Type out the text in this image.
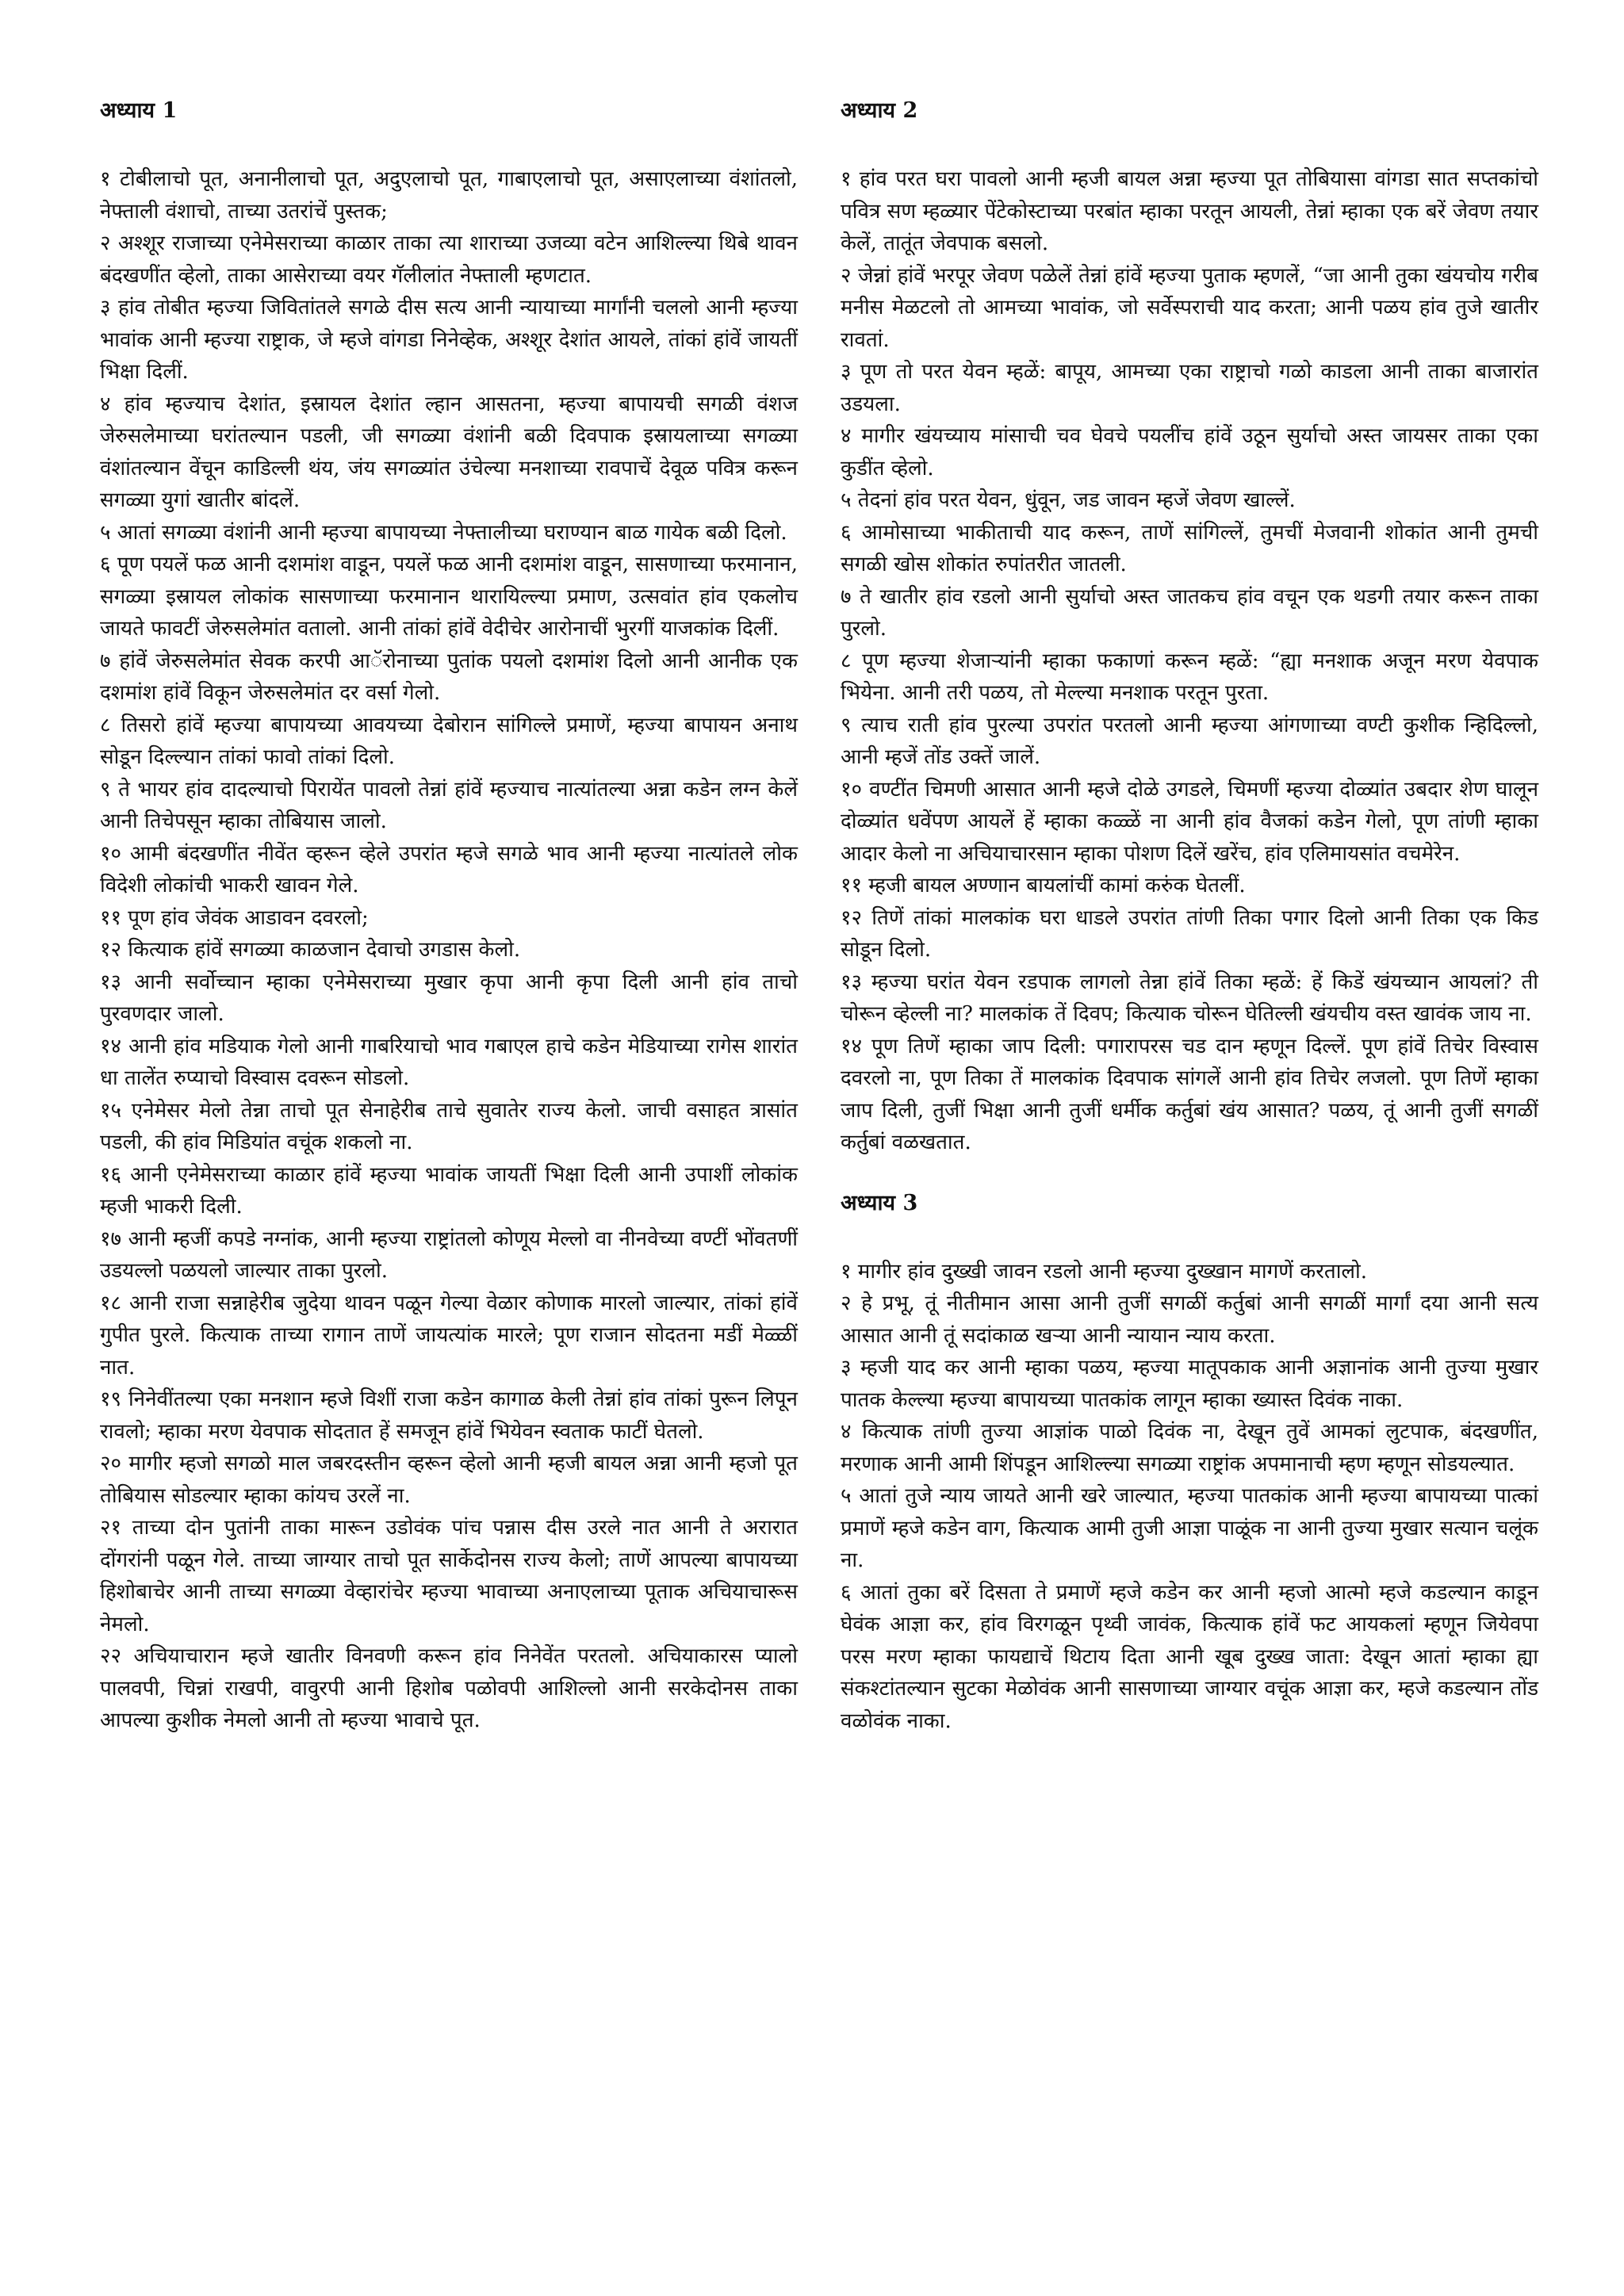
अध्याय 1

१ टोबीलाचो पूत, अनानीलाचो पूत, अदुएलाचो पूत, गाबाएलाचो पूत, असाएलाच्या वंशांतलो, नेफ्ताली वंशाचो, ताच्या उतरांचें पुस्तक;

२ अश्शूर राजाच्या एनेमेसराच्या काळार ताका त्या शाराच्या उजव्या वटेन आशिल्ल्या थिबे थावन बंदखणींत व्हेलो, ताका आसेराच्या वयर गॅलीलांत नेफ्ताली म्हणटात.

३ हांव तोबीत म्हज्या जिवितांतले सगळे दीस सत्य आनी न्यायाच्या मार्गांनी चललो आनी म्हज्या भावांक आनी म्हज्या राष्ट्राक, जे म्हजे वांगडा निनेव्हेक, अश्शूर देशांत आयले, तांकां हांवें जायतीं भिक्षा दिलीं.

४ हांव म्हज्याच देशांत, इस्रायल देशांत ल्हान आसतना, म्हज्या बापायची सगळी वंशज जेरुसलेमाच्या घरांतल्यान पडली, जी सगळ्या वंशांनी बळी दिवपाक इस्रायलाच्या सगळ्या वंशांतल्यान वेंचून काडिल्ली थंय, जंय सगळ्यांत उंचेल्या मनशाच्या रावपाचें देवूळ पवित्र करून सगळ्या युगां खातीर बांदलें.

५ आतां सगळ्या वंशांनी आनी म्हज्या बापायच्या नेफ्तालीच्या घराण्यान बाळ गायेक बळी दिलो.

६ पूण पयलें फळ आनी दशमांश वाडून, पयलें फळ आनी दशमांश वाडून, सासणाच्या फरमानान, सगळ्या इस्रायल लोकांक सासणाच्या फरमानान थारायिल्ल्या प्रमाण, उत्सवांत हांव एकलोच जायते फावटीं जेरुसलेमांत वतालो. आनी तांकां हांवें वेदीचेर आरोनाचीं भुरगीं याजकांक दिलीं.

७ हांवें जेरुसलेमांत सेवक करपी आॅरोनाच्या पुतांक पयलो दशमांश दिलो आनी आनीक एक दशमांश हांवें विकून जेरुसलेमांत दर वर्सा गेलो.

८ तिसरो हांवें म्हज्या बापायच्या आवयच्या देबोरान सांगिल्ले प्रमाणें, म्हज्या बापायन अनाथ सोडून दिल्ल्यान तांकां फावो तांकां दिलो.

९ ते भायर हांव दादल्याचो पिरायेंत पावलो तेन्नां हांवें म्हज्याच नात्यांतल्या अन्ना कडेन लग्न केलें आनी तिचेपसून म्हाका तोबियास जालो.

१० आमी बंदखणींत नीवेंत व्हरून व्हेले उपरांत म्हजे सगळे भाव आनी म्हज्या नात्यांतले लोक विदेशी लोकांची भाकरी खावन गेले.

११ पूण हांव जेवंक आडावन दवरलो;

१२ कित्याक हांवें सगळ्या काळजान देवाचो उगडास केलो.

१३ आनी सर्वोच्चान म्हाका एनेमेसराच्या मुखार कृपा आनी कृपा दिली आनी हांव ताचो पुरवणदार जालो.

१४ आनी हांव मडियाक गेलो आनी गाबरियाचो भाव गबाएल हाचे कडेन मेडियाच्या रागेस शारांत धा तालेंत रुप्याचो विस्वास दवरून सोडलो.

१५ एनेमेसर मेलो तेन्ना ताचो पूत सेनाहेरीब ताचे सुवातेर राज्य केलो. जाची वसाहत त्रासांत पडली, की हांव मिडियांत वचूंक शकलो ना.

१६ आनी एनेमेसराच्या काळार हांवें म्हज्या भावांक जायतीं भिक्षा दिली आनी उपाशीं लोकांक म्हजी भाकरी दिली.

१७ आनी म्हजीं कपडे नग्नांक, आनी म्हज्या राष्ट्रांतलो कोणूय मेल्लो वा नीनवेच्या वण्टीं भोंवतणीं उडयल्लो पळयलो जाल्यार ताका पुरलो.

१८ आनी राजा सन्नाहेरीब जुदेया थावन पळून गेल्या वेळार कोणाक मारलो जाल्यार, तांकां हांवें गुपीत पुरले. कित्याक ताच्या रागान ताणें जायत्यांक मारले; पूण राजान सोदतना मडीं मेळ्ळीं नात.

१९ निनेवींतल्या एका मनशान म्हजे विशीं राजा कडेन कागाळ केली तेन्नां हांव तांकां पुरून लिपून रावलो; म्हाका मरण येवपाक सोदतात हें समजून हांवें भियेवन स्वताक फाटीं घेतलो.

२० मागीर म्हजो सगळो माल जबरदस्तीन व्हरून व्हेलो आनी म्हजी बायल अन्ना आनी म्हजो पूत तोबियास सोडल्यार म्हाका कांयच उरलें ना.

२१ ताच्या दोन पुतांनी ताका मारून उडोवंक पांच पन्नास दीस उरले नात आनी ते अरारात दोंगरांनी पळून गेले. ताच्या जाग्यार ताचो पूत सार्केदोनस राज्य केलो; ताणें आपल्या बापायच्या हिशोबाचेर आनी ताच्या सगळ्या वेव्हारांचेर म्हज्या भावाच्या अनाएलाच्या पूताक अचियाचारूस नेमलो.

२२ अचियाचारान म्हजे खातीर विनवणी करून हांव निनेवेंत परतलो. अचियाकारस प्यालो पालवपी, चिन्नां राखपी, वावुरपी आनी हिशोब पळोवपी आशिल्लो आनी सरकेदोनस ताका आपल्या कुशीक नेमलो आनी तो म्हज्या भावाचे पूत.

अध्याय 2

१ हांव परत घरा पावलो आनी म्हजी बायल अन्ना म्हज्या पूत तोबियासा वांगडा सात सप्तकांचो पवित्र सण म्हळ्यार पेंटेकोस्टाच्या परबांत म्हाका परतून आयली, तेन्नां म्हाका एक बरें जेवण तयार केलें, तातूंत जेवपाक बसलो.

२ जेन्नां हांवें भरपूर जेवण पळेलें तेन्नां हांवें म्हज्या पुताक म्हणलें, “जा आनी तुका खंयचोय गरीब मनीस मेळटलो तो आमच्या भावांक, जो सर्वेस्पराची याद करता; आनी पळय हांव तुजे खातीर रावतां.

३ पूण तो परत येवन म्हळें: बापूय, आमच्या एका राष्ट्राचो गळो काडला आनी ताका बाजारांत उडयला.

४ मागीर खंयच्याय मांसाची चव घेवचे पयलींच हांवें उठून सुर्याचो अस्त जायसर ताका एका कुडींत व्हेलो.

५ तेदनां हांव परत येवन, धुंवून, जड जावन म्हजें जेवण खाल्लें.

६ आमोसाच्या भाकीताची याद करून, ताणें सांगिल्लें, तुमचीं मेजवानी शोकांत आनी तुमची सगळी खोस शोकांत रुपांतरीत जातली.

७ ते खातीर हांव रडलो आनी सुर्याचो अस्त जातकच हांव वचून एक थडगी तयार करून ताका पुरलो.

८ पूण म्हज्या शेजाऱ्यांनी म्हाका फकाणां करून म्हळें: “ह्या मनशाक अजून मरण येवपाक भियेना. आनी तरी पळय, तो मेल्ल्या मनशाक परतून पुरता.

९ त्याच राती हांव पुरल्या उपरांत परतलो आनी म्हज्या आंगणाच्या वण्टी कुशीक न्हिदिल्लो, आनी म्हजें तोंड उक्तें जालें.

१० वण्टींत चिमणी आसात आनी म्हजे दोळे उगडले, चिमणीं म्हज्या दोळ्यांत उबदार शेण घालून दोळ्यांत धवेंपण आयलें हें म्हाका कळ्ळें ना आनी हांव वैजकां कडेन गेलो, पूण तांणी म्हाका आदार केलो ना अचियाचारसान म्हाका पोशण दिलें खरेंच, हांव एलिमायसांत वचमेरेन.

११ म्हजी बायल अण्णान बायलांचीं कामां करुंक घेतलीं.

१२ तिणें तांकां मालकांक घरा धाडले उपरांत तांणी तिका पगार दिलो आनी तिका एक किड सोडून दिलो.

१३ म्हज्या घरांत येवन रडपाक लागलो तेन्ना हांवें तिका म्हळें: हें किडें खंयच्यान आयलां? ती चोरून व्हेल्ली ना? मालकांक तें दिवप; कित्याक चोरून घेतिल्ली खंयचीय वस्त खावंक जाय ना.

१४ पूण तिणें म्हाका जाप दिली: पगारापरस चड दान म्हणून दिल्लें. पूण हांवें तिचेर विस्वास दवरलो ना, पूण तिका तें मालकांक दिवपाक सांगलें आनी हांव तिचेर लजलो. पूण तिणें म्हाका जाप दिली, तुजीं भिक्षा आनी तुजीं धर्मीक कर्तुबां खंय आसात? पळय, तूं आनी तुजीं सगळीं कर्तुबां वळखतात.

अध्याय 3

१ मागीर हांव दुख्खी जावन रडलो आनी म्हज्या दुख्खान मागणें करतालो.

२ हे प्रभू, तूं नीतीमान आसा आनी तुजीं सगळीं कर्तुबां आनी सगळीं मार्गां दया आनी सत्य आसात आनी तूं सदांकाळ खऱ्या आनी न्यायान न्याय करता.

३ म्हजी याद कर आनी म्हाका पळय, म्हज्या मातूपकाक आनी अज्ञानांक आनी तुज्या मुखार पातक केल्ल्या म्हज्या बापायच्या पातकांक लागून म्हाका ख्यास्त दिवंक नाका.

४ कित्याक तांणी तुज्या आज्ञांक पाळो दिवंक ना, देखून तुवें आमकां लुटपाक, बंदखणींत, मरणाक आनी आमी शिंपडून आशिल्ल्या सगळ्या राष्ट्रांक अपमानाची म्हण म्हणून सोडयल्यात.

५ आतां तुजे न्याय जायते आनी खरे जाल्यात, म्हज्या पातकांक आनी म्हज्या बापायच्या पात्कां प्रमाणें म्हजे कडेन वाग, कित्याक आमी तुजी आज्ञा पाळूंक ना आनी तुज्या मुखार सत्यान चलूंक ना.

६ आतां तुका बरें दिसता ते प्रमाणें म्हजे कडेन कर आनी म्हजो आत्मो म्हजे कडल्यान काडून घेवंक आज्ञा कर, हांव विरगळून पृथ्वी जावंक, कित्याक हांवें फट आयकलां म्हणून जियेवपा परस मरण म्हाका फायद्याचें थिटाय दिता आनी खूब दुख्ख जाता: देखून आतां म्हाका ह्या संकश्टांतल्यान सुटका मेळोवंक आनी सासणाच्या जाग्यार वचूंक आज्ञा कर, म्हजे कडल्यान तोंड वळोवंक नाका.
